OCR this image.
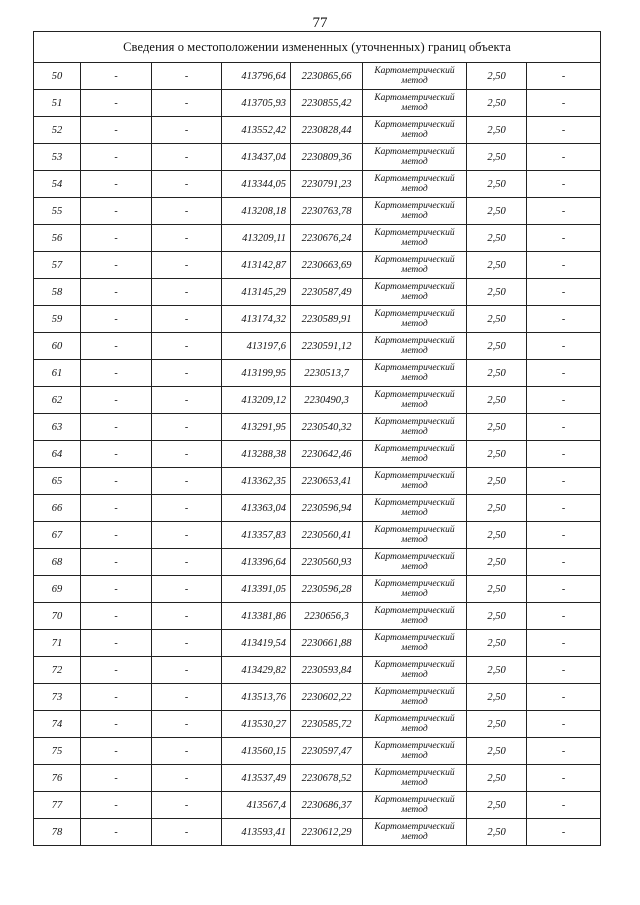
77
Сведения о местоположении измененных (уточненных) границ объекта							
50	-	-	413796,64	2230865,66	Картометрический метод	2,50	-
51	-	-	413705,93	2230855,42	Картометрический метод	2,50	-
52	-	-	413552,42	2230828,44	Картометрический метод	2,50	-
53	-	-	413437,04	2230809,36	Картометрический метод	2,50	-
54	-	-	413344,05	2230791,23	Картометрический метод	2,50	-
55	-	-	413208,18	2230763,78	Картометрический метод	2,50	-
56	-	-	413209,11	2230676,24	Картометрический метод	2,50	-
57	-	-	413142,87	2230663,69	Картометрический метод	2,50	-
58	-	-	413145,29	2230587,49	Картометрический метод	2,50	-
59	-	-	413174,32	2230589,91	Картометрический метод	2,50	-
60	-	-	413197,6	2230591,12	Картометрический метод	2,50	-
61	-	-	413199,95	2230513,7	Картометрический метод	2,50	-
62	-	-	413209,12	2230490,3	Картометрический метод	2,50	-
63	-	-	413291,95	2230540,32	Картометрический метод	2,50	-
64	-	-	413288,38	2230642,46	Картометрический метод	2,50	-
65	-	-	413362,35	2230653,41	Картометрический метод	2,50	-
66	-	-	413363,04	2230596,94	Картометрический метод	2,50	-
67	-	-	413357,83	2230560,41	Картометрический метод	2,50	-
68	-	-	413396,64	2230560,93	Картометрический метод	2,50	-
69	-	-	413391,05	2230596,28	Картометрический метод	2,50	-
70	-	-	413381,86	2230656,3	Картометрический метод	2,50	-
71	-	-	413419,54	2230661,88	Картометрический метод	2,50	-
72	-	-	413429,82	2230593,84	Картометрический метод	2,50	-
73	-	-	413513,76	2230602,22	Картометрический метод	2,50	-
74	-	-	413530,27	2230585,72	Картометрический метод	2,50	-
75	-	-	413560,15	2230597,47	Картометрический метод	2,50	-
76	-	-	413537,49	2230678,52	Картометрический метод	2,50	-
77	-	-	413567,4	2230686,37	Картометрический метод	2,50	-
78	-	-	413593,41	2230612,29	Картометрический метод	2,50	-
